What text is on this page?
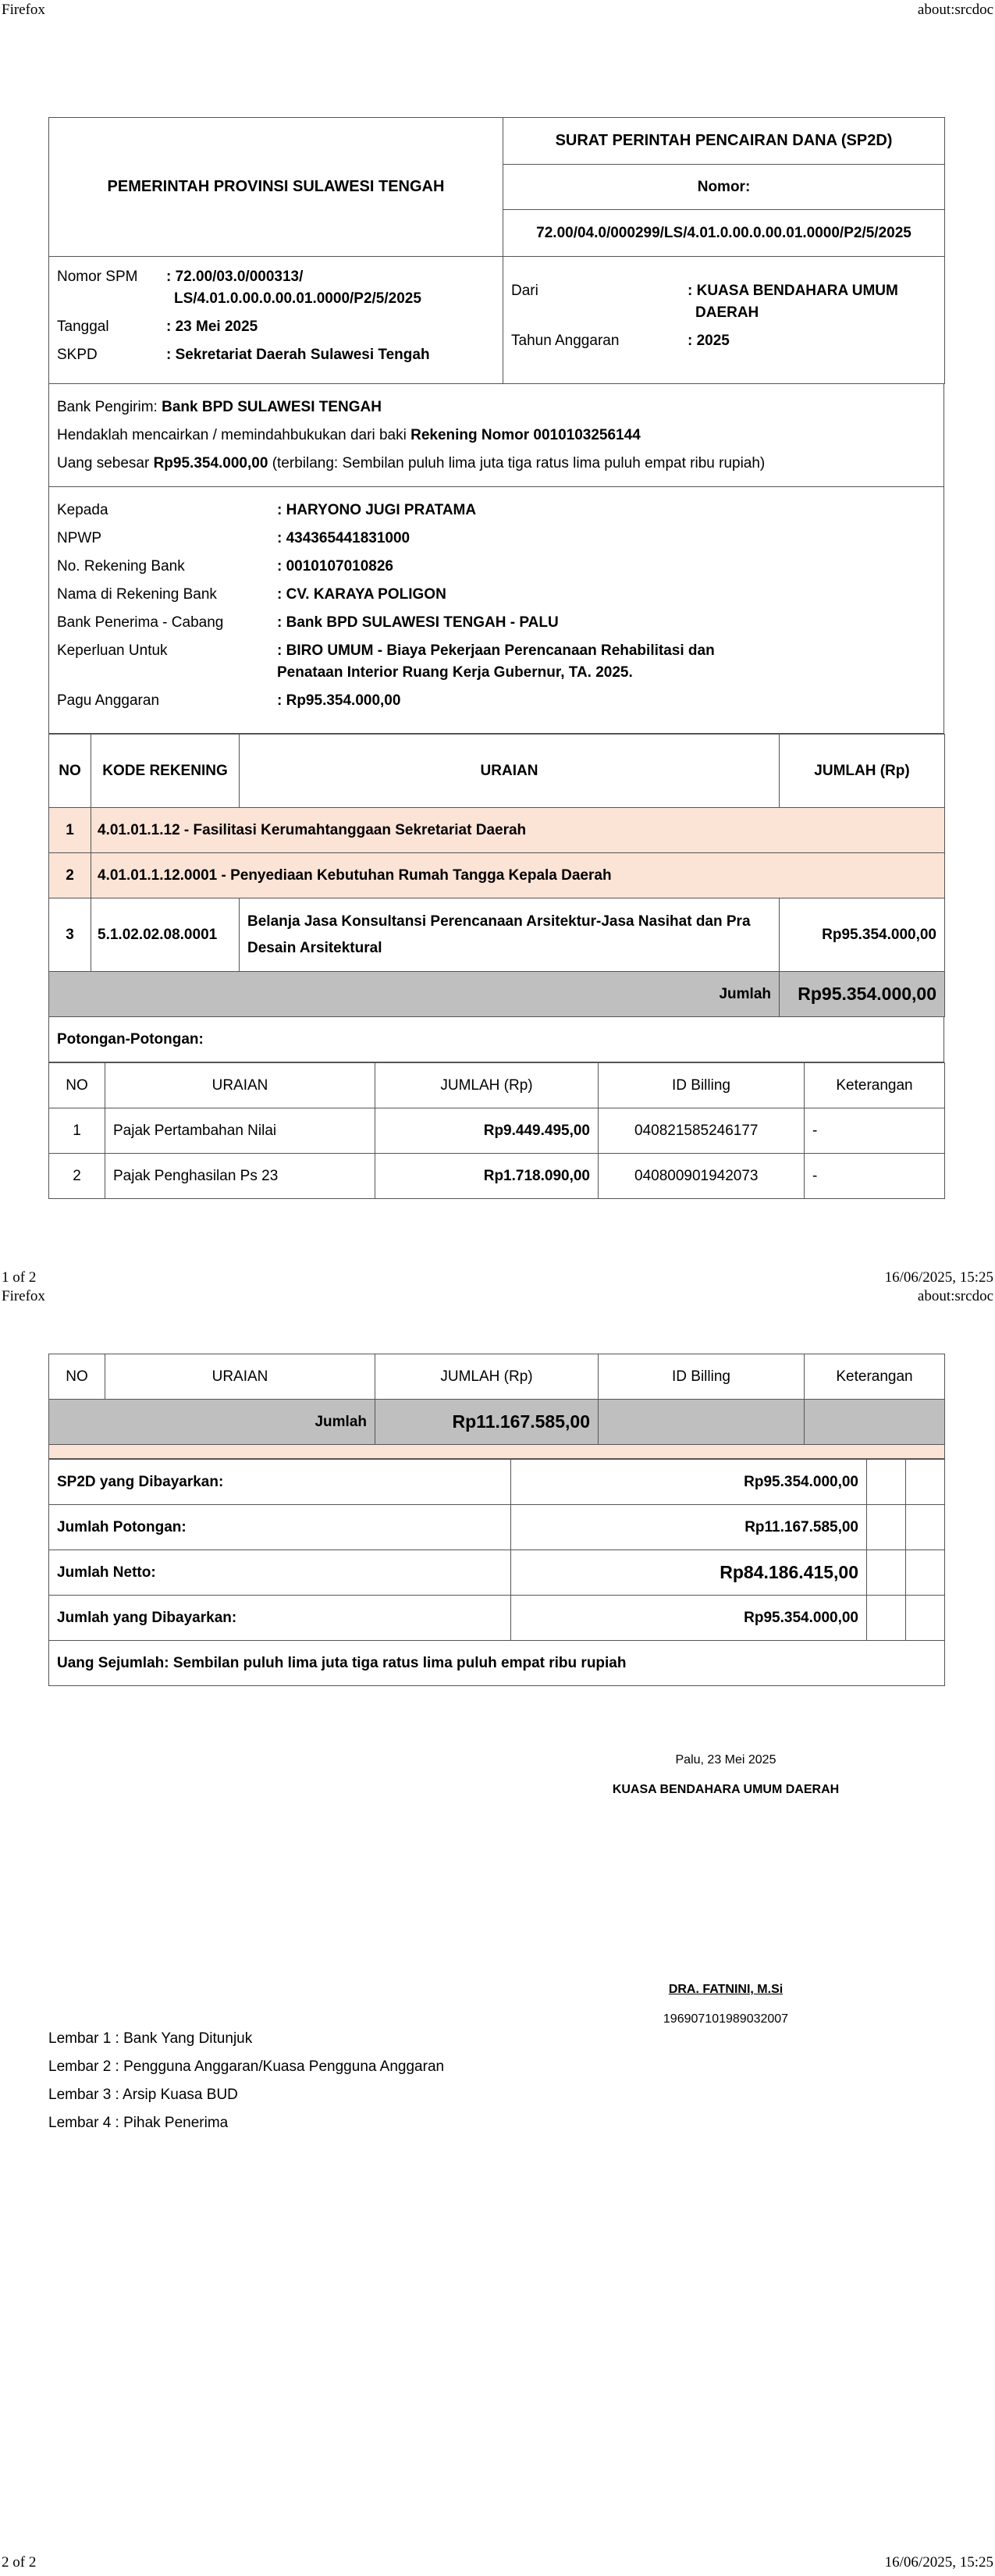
Firefox	about:srcdoc
PEMERINTAH PROVINSI SULAWESI TENGAH	SURAT PERINTAH PENCAIRAN DANA (SP2D)
Nomor:
72.00/04.0/000299/LS/4.01.0.00.0.00.01.0000/P2/5/2025
Nomor SPM	: 72.00/03.0/000313/
LS/4.01.0.00.0.00.01.0000/P2/5/2025

Tanggal	: 23 Mei 2025
SKPD	: Sekretariat Daerah Sulawesi Tengah

Dari	: KUASA BENDAHARA UMUM
DAERAH

Tahun Anggaran	: 2025
Bank Pengirim: Bank BPD SULAWESI TENGAH
Hendaklah mencairkan / memindahbukukan dari baki Rekening Nomor 0010103256144
Uang sebesar Rp95.354.000,00 (terbilang: Sembilan puluh lima juta tiga ratus lima puluh empat ribu rupiah)
Kepada	: HARYONO JUGI PRATAMA
NPWP	: 434365441831000
No. Rekening Bank	: 0010107010826
Nama di Rekening Bank	: CV. KARAYA POLIGON
Bank Penerima - Cabang	: Bank BPD SULAWESI TENGAH - PALU
Keperluan Untuk	: BIRO UMUM - Biaya Pekerjaan Perencanaan Rehabilitasi dan
Penataan Interior Ruang Kerja Gubernur, TA. 2025.

Pagu Anggaran	: Rp95.354.000,00
NO	KODE REKENING	URAIAN	JUMLAH (Rp)
1	4.01.01.1.12 - Fasilitasi Kerumahtanggaan Sekretariat Daerah		
2	4.01.01.1.12.0001 - Penyediaan Kebutuhan Rumah Tangga Kepala Daerah		
3	5.1.02.02.08.0001	Belanja Jasa Konsultansi Perencanaan Arsitektur-Jasa Nasihat dan Pra Desain Arsitektural	Rp95.354.000,00
Jumlah			Rp95.354.000,00
Potongan-Potongan:
NO	URAIAN	JUMLAH (Rp)	ID Billing	Keterangan
1	Pajak Pertambahan Nilai	Rp9.449.495,00	040821585246177	-
2	Pajak Penghasilan Ps 23	Rp1.718.090,00	040800901942073	-
1 of 2	16/06/2025, 15:25
Firefox	about:srcdoc
NO	URAIAN	JUMLAH (Rp)	ID Billing	Keterangan
Jumlah		Rp11.167.585,00		

SP2D yang Dibayarkan:	Rp95.354.000,00		
Jumlah Potongan:	Rp11.167.585,00		
Jumlah Netto:	Rp84.186.415,00		
Jumlah yang Dibayarkan:	Rp95.354.000,00		
Uang Sejumlah: Sembilan puluh lima juta tiga ratus lima puluh empat ribu rupiah			
Palu, 23 Mei 2025
KUASA BENDAHARA UMUM DAERAH
DRA. FATNINI, M.Si
196907101989032007
Lembar 1 : Bank Yang Ditunjuk
Lembar 2 : Pengguna Anggaran/Kuasa Pengguna Anggaran
Lembar 3 : Arsip Kuasa BUD
Lembar 4 : Pihak Penerima
2 of 2	16/06/2025, 15:25
